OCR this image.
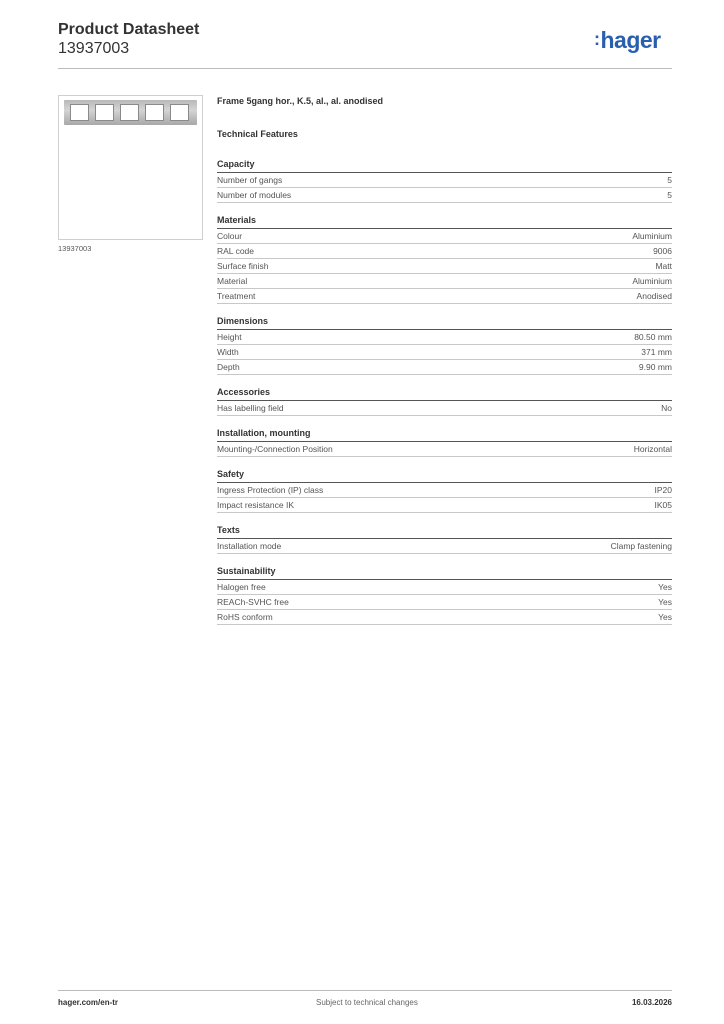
Product Datasheet
13937003	:hager
13937003
Frame 5gang hor., K.5, al., al. anodised
Technical Features
Capacity
Number of gangs	5
Number of modules	5
Materials
Colour	Aluminium
RAL code	9006
Surface finish	Matt
Material	Aluminium
Treatment	Anodised
Dimensions
Height	80.50 mm
Width	371 mm
Depth	9.90 mm
Accessories
Has labelling field	No
Installation, mounting
Mounting-/Connection Position	Horizontal
Safety
Ingress Protection (IP) class	IP20
Impact resistance IK	IK05
Texts
Installation mode	Clamp fastening
Sustainability
Halogen free	Yes
REACh-SVHC free	Yes
RoHS conform	Yes
hager.com/en-tr	Subject to technical changes	16.03.2026
